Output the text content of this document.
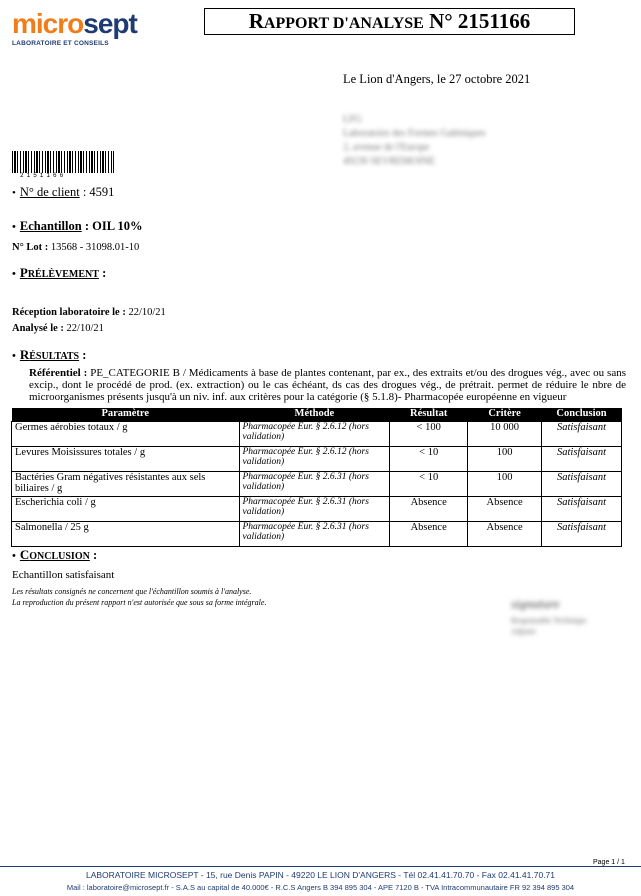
microsept
LABORATOIRE ET CONSEILS
RAPPORT D'ANALYSE N° 2151166
Le Lion d'Angers, le 27 octobre 2021
LFG
Laboratoire des Formes Galéniques
2, avenue de l'Europe
49230 SEVREMOINE
2151166
• N° de client : 4591
• Echantillon : OIL 10%
N° Lot : 13568 - 31098.01-10
• PRÉLÈVEMENT :
Réception laboratoire le : 22/10/21
Analysé le : 22/10/21
• RÉSULTATS :
Référentiel : PE_CATEGORIE B / Médicaments à base de plantes contenant, par ex., des extraits et/ou des drogues vég., avec ou sans excip., dont le procédé de prod. (ex. extraction) ou le cas échéant, ds cas des drogues vég., de prétrait. permet de réduire le nbre de microorganismes présents jusqu'à un niv. inf. aux critères pour la catégorie (§ 5.1.8)- Pharmacopée européenne en vigueur
Paramètre	Méthode	Résultat	Critère	Conclusion
Germes aérobies totaux / g	Pharmacopée Eur. § 2.6.12 (hors validation)	< 100	10 000	Satisfaisant
Levures Moisissures totales / g	Pharmacopée Eur. § 2.6.12 (hors validation)	< 10	100	Satisfaisant
Bactéries Gram négatives résistantes aux sels biliaires / g	Pharmacopée Eur. § 2.6.31 (hors validation)	< 10	100	Satisfaisant
Escherichia coli / g	Pharmacopée Eur. § 2.6.31 (hors validation)	Absence	Absence	Satisfaisant
Salmonella / 25 g	Pharmacopée Eur. § 2.6.31 (hors validation)	Absence	Absence	Satisfaisant
• CONCLUSION :
Echantillon satisfaisant
Les résultats consignés ne concernent que l'échantillon soumis à l'analyse.
La reproduction du présent rapport n'est autorisée que sous sa forme intégrale.	signature
Responsable Technique
Adjoint
Page 1 / 1
LABORATOIRE MICROSEPT - 15, rue Denis PAPIN - 49220 LE LION D'ANGERS - Tél 02.41.41.70.70 - Fax 02.41.41.70.71
Mail : laboratoire@microsept.fr - S.A.S au capital de 40.000€ - R.C.S Angers B 394 895 304 - APE 7120 B - TVA Intracommunautaire FR 92 394 895 304
